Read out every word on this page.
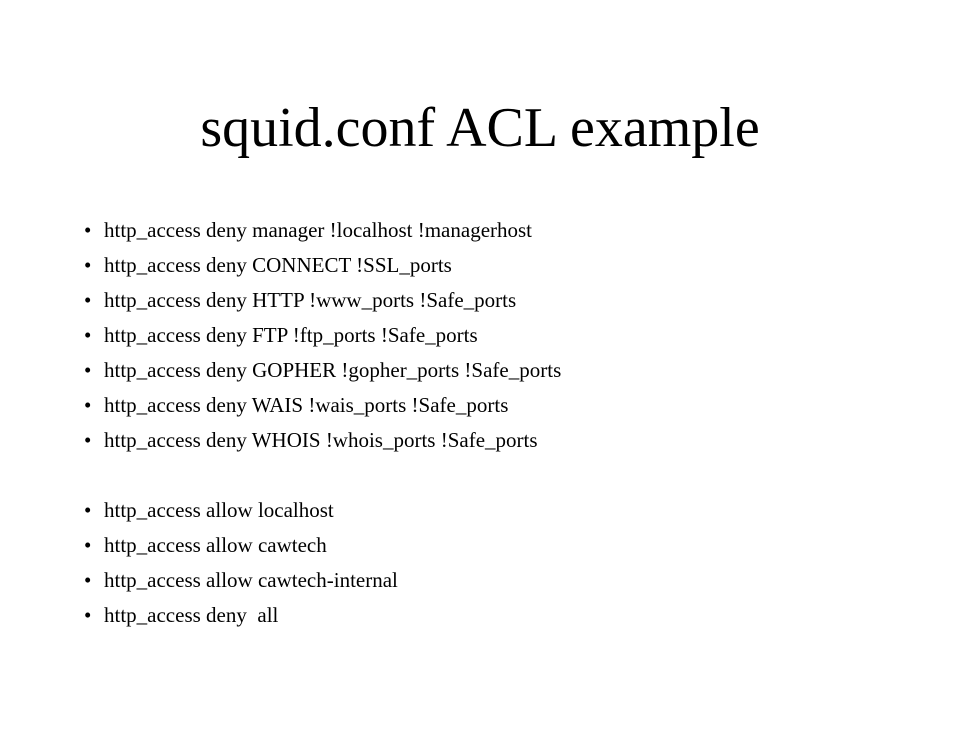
squid.conf ACL example

•

http_access deny manager !localhost !managerhost

•

http_access deny CONNECT !SSL_ports

•

http_access deny HTTP !www_ports !Safe_ports

•

http_access deny FTP !ftp_ports !Safe_ports

•

http_access deny GOPHER !gopher_ports !Safe_ports

•

http_access deny WAIS !wais_ports !Safe_ports

•

http_access deny WHOIS !whois_ports !Safe_ports

•

http_access allow localhost

•

http_access allow cawtech

•

http_access allow cawtech-internal

•

http_access deny  all
